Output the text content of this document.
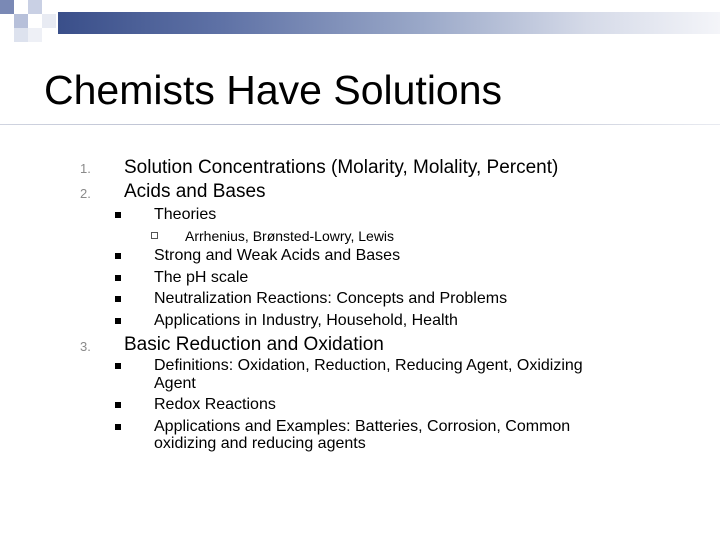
Chemists Have Solutions
1. Solution Concentrations (Molarity, Molality, Percent)
2. Acids and Bases
Theories
Arrhenius, Brønsted-Lowry, Lewis
Strong and Weak Acids and Bases
The pH scale
Neutralization Reactions: Concepts and Problems
Applications in Industry, Household, Health
3. Basic Reduction and Oxidation
Definitions: Oxidation, Reduction, Reducing Agent, Oxidizing
Agent
Redox Reactions
Applications and Examples: Batteries, Corrosion, Common
oxidizing and reducing agents
